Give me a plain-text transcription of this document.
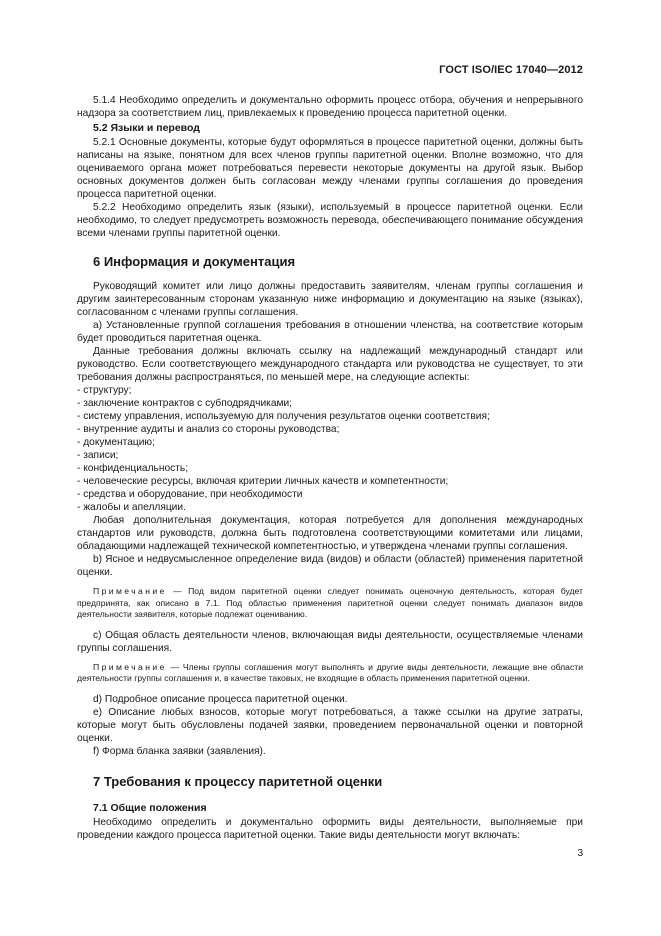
ГОСТ ISO/IEC 17040—2012

5.1.4 Необходимо определить и документально оформить процесс отбора, обучения и непрерывного надзора за соответствием лиц, привлекаемых к проведению процесса паритетной оценки.

5.2 Языки и перевод

5.2.1 Основные документы, которые будут оформляться в процессе паритетной оценки, должны быть написаны на языке, понятном для всех членов группы паритетной оценки. Вполне возможно, что для оцениваемого органа может потребоваться перевести некоторые документы на другой язык. Выбор основных документов должен быть согласован между членами группы соглашения до проведения процесса паритетной оценки.

5.2.2 Необходимо определить язык (языки), используемый в процессе паритетной оценки. Если необходимо, то следует предусмотреть возможность перевода, обеспечивающего понимание обсуждения всеми членами группы паритетной оценки.

6 Информация и документация

Руководящий комитет или лицо должны предоставить заявителям, членам группы соглашения и другим заинтересованным сторонам указанную ниже информацию и документацию на языке (языках), согласованном с членами группы соглашения.

а) Установленные группой соглашения требования в отношении членства, на соответствие которым будет проводиться паритетная оценка.

Данные требования должны включать ссылку на надлежащий международный стандарт или руководство. Если соответствующего международного стандарта или руководства не существует, то эти требования должны распространяться, по меньшей мере, на следующие аспекты:

- структуру;
- заключение контрактов с субподрядчиками;
- систему управления, используемую для получения результатов оценки соответствия;
- внутренние аудиты и анализ со стороны руководства;
- документацию;
- записи;
- конфиденциальность;
- человеческие ресурсы, включая критерии личных качеств и компетентности;
- средства и оборудование, при необходимости
- жалобы и апелляции.

Любая дополнительная документация, которая потребуется для дополнения международных стандартов или руководств, должна быть подготовлена соответствующими комитетами или лицами, обладающими надлежащей технической компетентностью, и утверждена членами группы соглашения.

b) Ясное и недвусмысленное определение вида (видов) и области (областей) применения паритетной оценки.

Примечание — Под видом паритетной оценки следует понимать оценочную деятельность, которая будет предпринята, как описано в 7.1. Под областью применения паритетной оценки следует понимать диапазон видов деятельности заявителя, которые подлежат оцениванию.

с) Общая область деятельности членов, включающая виды деятельности, осуществляемые членами группы соглашения.

Примечание — Члены группы соглашения могут выполнять и другие виды деятельности, лежащие вне области деятельности группы соглашения и, в качестве таковых, не входящие в область применения паритетной оценки.

d) Подробное описание процесса паритетной оценки.

е) Описание любых взносов, которые могут потребоваться, а также ссылки на другие затраты, которые могут быть обусловлены подачей заявки, проведением первоначальной оценки и повторной оценки.

f) Форма бланка заявки (заявления).

7 Требования к процессу паритетной оценки
7.1 Общие положения

Необходимо определить и документально оформить виды деятельности, выполняемые при проведении каждого процесса паритетной оценки. Такие виды деятельности могут включать:

3
